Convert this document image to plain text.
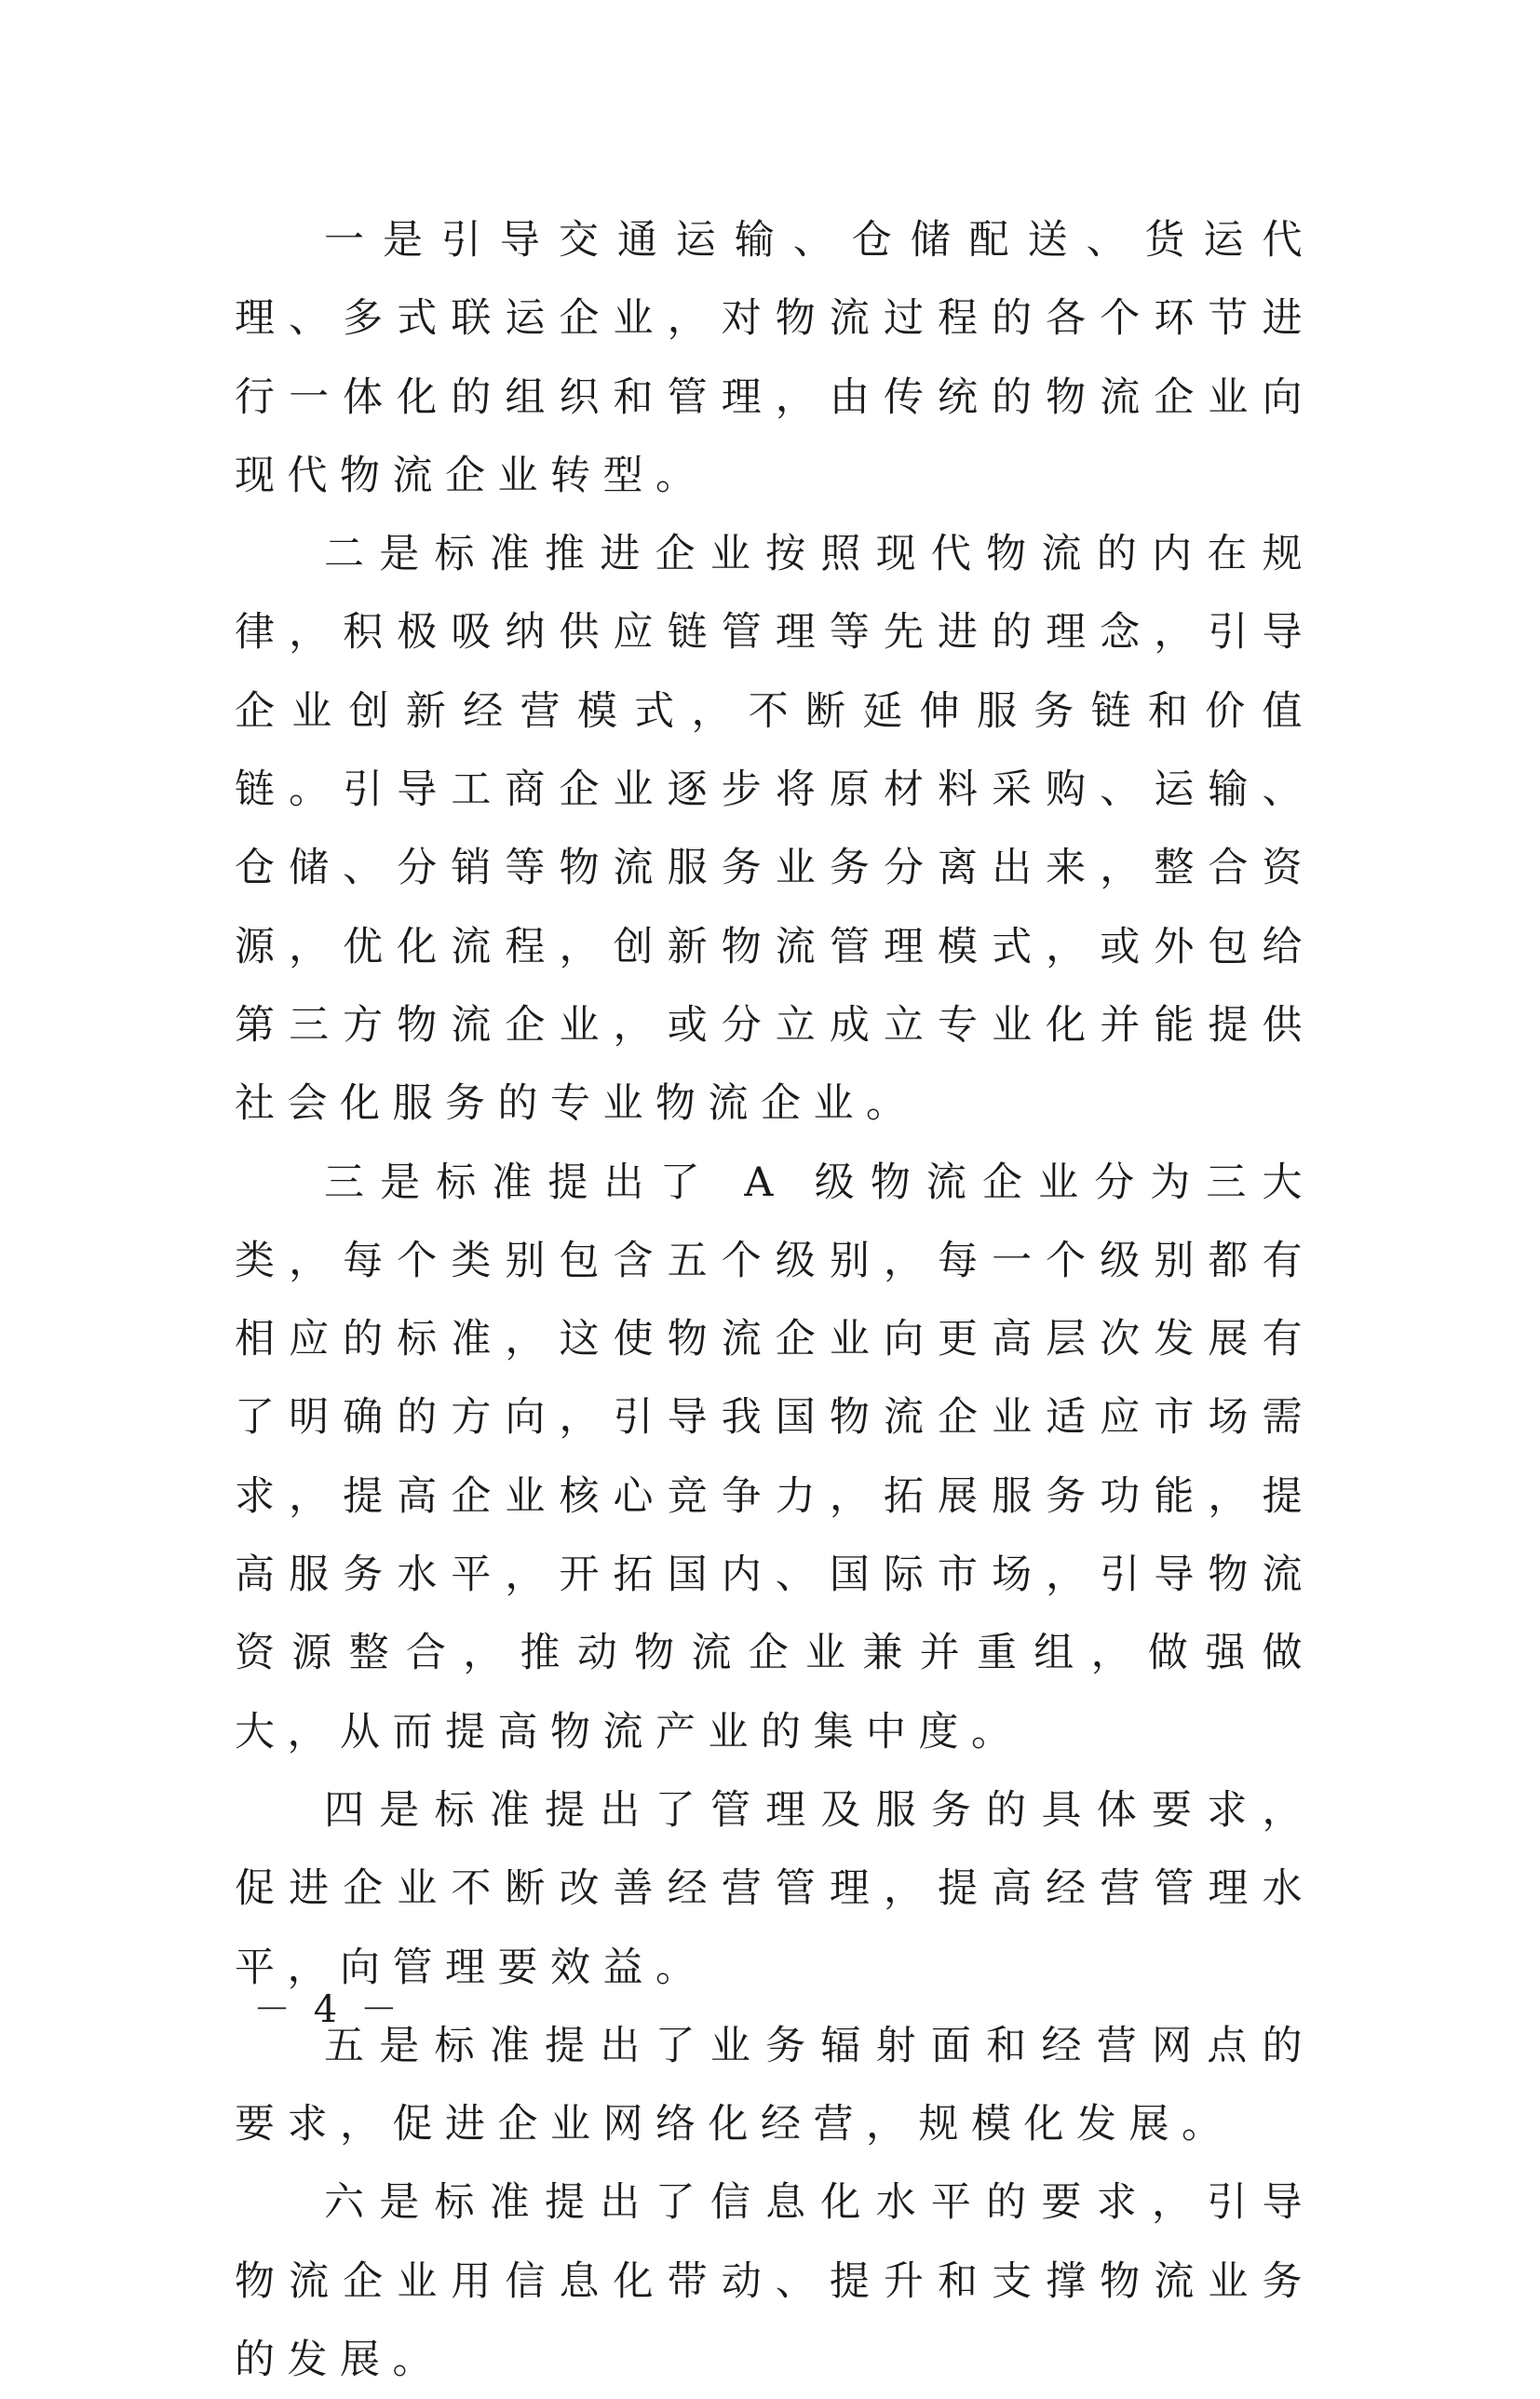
一是引导交通运输、仓储配送、货运代理、多式联运企业，对物流过程的各个环节进行一体化的组织和管理，由传统的物流企业向现代物流企业转型。

二是标准推进企业按照现代物流的内在规律，积极吸纳供应链管理等先进的理念，引导企业创新经营模式，不断延伸服务链和价值链。引导工商企业逐步将原材料采购、运输、仓储、分销等物流服务业务分离出来，整合资源，优化流程，创新物流管理模式，或外包给第三方物流企业，或分立成立专业化并能提供社会化服务的专业物流企业。

三是标准提出了 A 级物流企业分为三大类，每个类别包含五个级别，每一个级别都有相应的标准，这使物流企业向更高层次发展有了明确的方向，引导我国物流企业适应市场需求，提高企业核心竞争力，拓展服务功能，提高服务水平，开拓国内、国际市场，引导物流资源整合，推动物流企业兼并重组，做强做大，从而提高物流产业的集中度。

四是标准提出了管理及服务的具体要求，促进企业不断改善经营管理，提高经营管理水平，向管理要效益。

五是标准提出了业务辐射面和经营网点的要求，促进企业网络化经营，规模化发展。

六是标准提出了信息化水平的要求，引导物流企业用信息化带动、提升和支撑物流业务的发展。

－ 4 －
